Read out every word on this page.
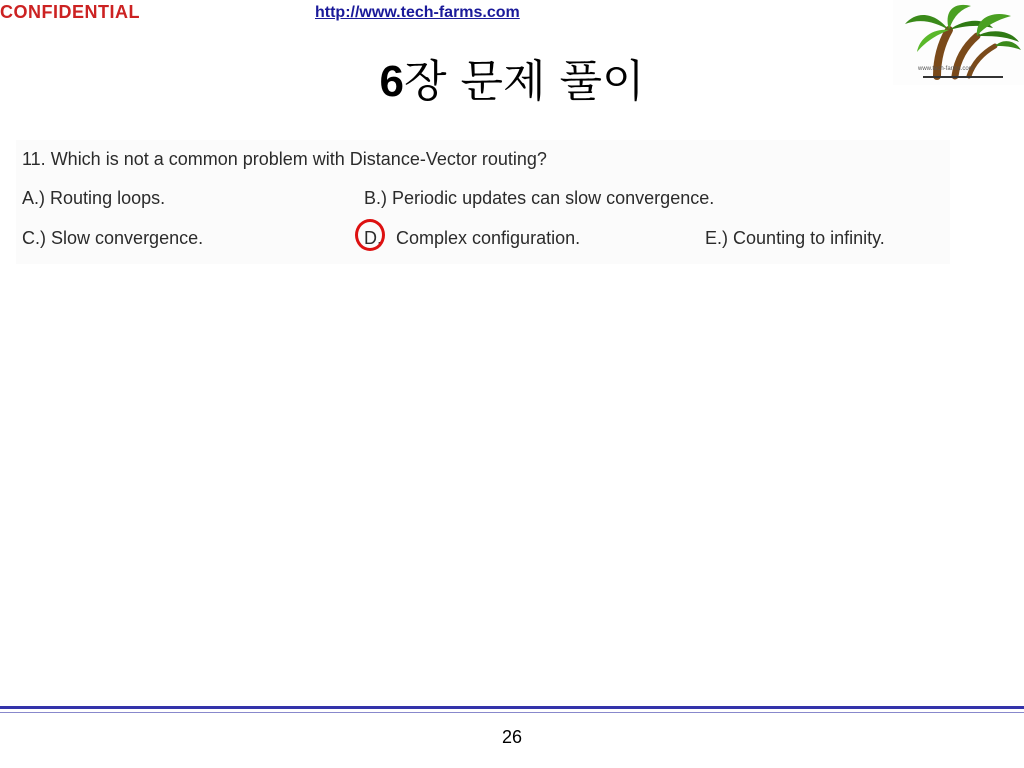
CONFIDENTIAL	http://www.tech-farms.com
www.tech-farms.com
6장 문제 풀이
11. Which is not a common problem with Distance-Vector routing?
A.) Routing loops.	B.) Periodic updates can slow convergence.
C.) Slow convergence.	D. Complex configuration.	E.) Counting to infinity.
26
